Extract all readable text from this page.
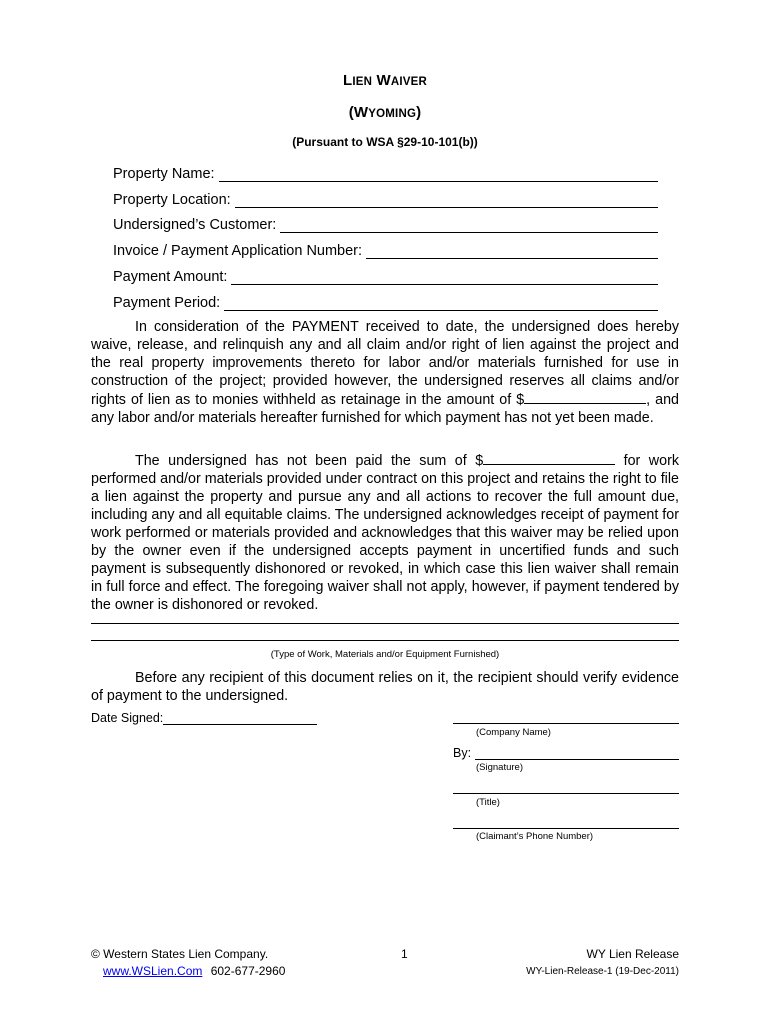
LIEN WAIVER
(WYOMING)
(Pursuant to WSA §29-10-101(b))
Property Name:
Property Location:
Undersigned’s Customer:
Invoice / Payment Application Number:
Payment Amount:
Payment Period:

In consideration of the PAYMENT received to date, the undersigned does hereby waive, release, and relinquish any and all claim and/or right of lien against the project and the real property improvements thereto for labor and/or materials furnished for use in construction of the project; provided however, the undersigned reserves all claims and/or rights of lien as to monies withheld as retainage in the amount of $	, and any labor and/or materials hereafter furnished for which payment has not yet been made.

The undersigned has not been paid the sum of $	for work performed and/or materials provided under contract on this project and retains the right to file a lien against the property and pursue any and all actions to recover the full amount due, including any and all equitable claims. The undersigned acknowledges receipt of payment for work performed or materials provided and acknowledges that this waiver may be relied upon by the owner even if the undersigned accepts payment in uncertified funds and such payment is subsequently dishonored or revoked, in which case this lien waiver shall remain in full force and effect. The foregoing waiver shall not apply, however, if payment tendered by the owner is dishonored or revoked.

(Type of Work, Materials and/or Equipment Furnished)

Before any recipient of this document relies on it, the recipient should verify evidence of payment to the undersigned.

Date Signed:
(Company Name)
By:
(Signature)
(Title)
(Claimant’s Phone Number)
© Western States Lien Company.
www.WSLien.Com 602-677-2960
1	WY Lien Release
WY-Lien-Release-1 (19-Dec-2011)
